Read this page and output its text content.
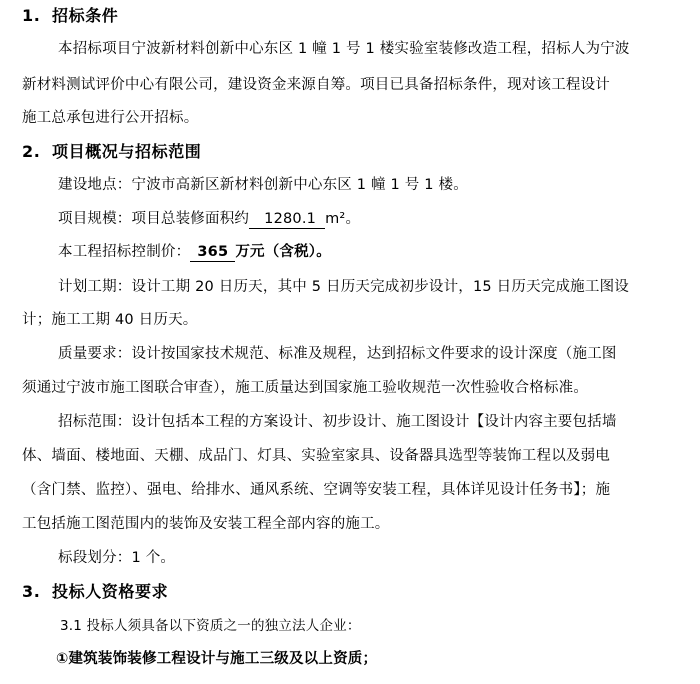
1. 招标条件
本招标项目宁波新材料创新中心东区 1 幢 1 号 1 楼实验室装修改造工程，招标人为宁波
新材料测试评价中心有限公司，建设资金来源自筹。项目已具备招标条件，现对该工程设计
施工总承包进行公开招标。
2. 项目概况与招标范围
建设地点：宁波市高新区新材料创新中心东区 1 幢 1 号 1 楼。
项目规模：项目总装修面积约 1280.1 m²。
本工程招标控制价： 365 万元（含税）。
计划工期：设计工期 20 日历天，其中 5 日历天完成初步设计，15 日历天完成施工图设
计；施工工期 40 日历天。
质量要求：设计按国家技术规范、标准及规程，达到招标文件要求的设计深度（施工图
须通过宁波市施工图联合审查），施工质量达到国家施工验收规范一次性验收合格标准。
招标范围：设计包括本工程的方案设计、初步设计、施工图设计【设计内容主要包括墙
体、墙面、楼地面、天棚、成品门、灯具、实验室家具、设备器具选型等装饰工程以及弱电
（含门禁、监控）、强电、给排水、通风系统、空调等安装工程，具体详见设计任务书】；施
工包括施工图范围内的装饰及安装工程全部内容的施工。
标段划分：1 个。
3. 投标人资格要求
3.1 投标人须具备以下资质之一的独立法人企业：
①建筑装饰装修工程设计与施工三级及以上资质；
